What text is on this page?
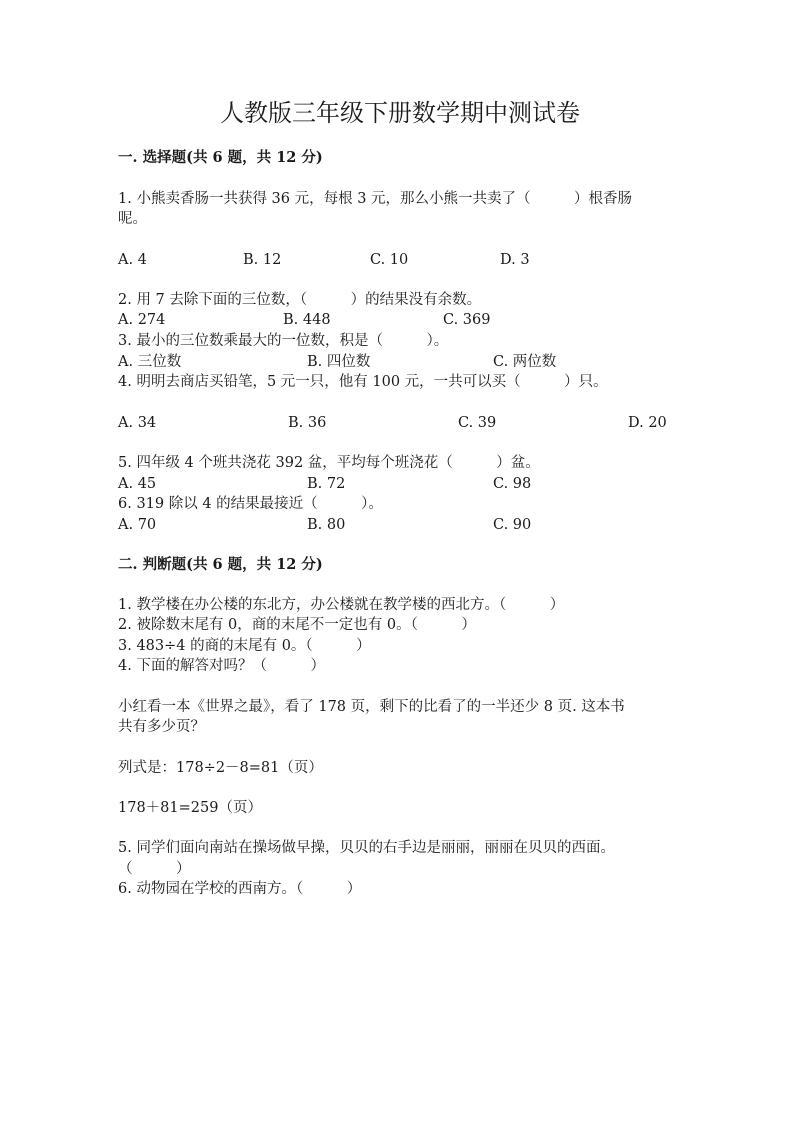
人教版三年级下册数学期中测试卷
一. 选择题(共 6 题，共 12 分)
1. 小熊卖香肠一共获得 36 元，每根 3 元，那么小熊一共卖了（　　　）根香肠
呢。
A. 4	B. 12	C. 10	D. 3
2. 用 7 去除下面的三位数，（　　　）的结果没有余数。
A. 274	B. 448	C. 369
3. 最小的三位数乘最大的一位数，积是（　　　）。
A. 三位数	B. 四位数	C. 两位数
4. 明明去商店买铅笔，5 元一只，他有 100 元，一共可以买（　　　）只。
A. 34	B. 36	C. 39	D. 20
5. 四年级 4 个班共浇花 392 盆，平均每个班浇花（　　　）盆。
A. 45	B. 72	C. 98
6. 319 除以 4 的结果最接近（　　　）。
A. 70	B. 80	C. 90
二. 判断题(共 6 题，共 12 分)
1. 教学楼在办公楼的东北方，办公楼就在教学楼的西北方。（　　　）
2. 被除数末尾有 0，商的末尾不一定也有 0。（　　　）
3. 483÷4 的商的末尾有 0。（　　　）
4. 下面的解答对吗？（　　　）
小红看一本《世界之最》，看了 178 页，剩下的比看了的一半还少 8 页. 这本书
共有多少页？
列式是：178÷2－8=81（页）
178＋81=259（页）
5. 同学们面向南站在操场做早操，贝贝的右手边是丽丽，丽丽在贝贝的西面。
（　　　）
6. 动物园在学校的西南方。（　　　）
